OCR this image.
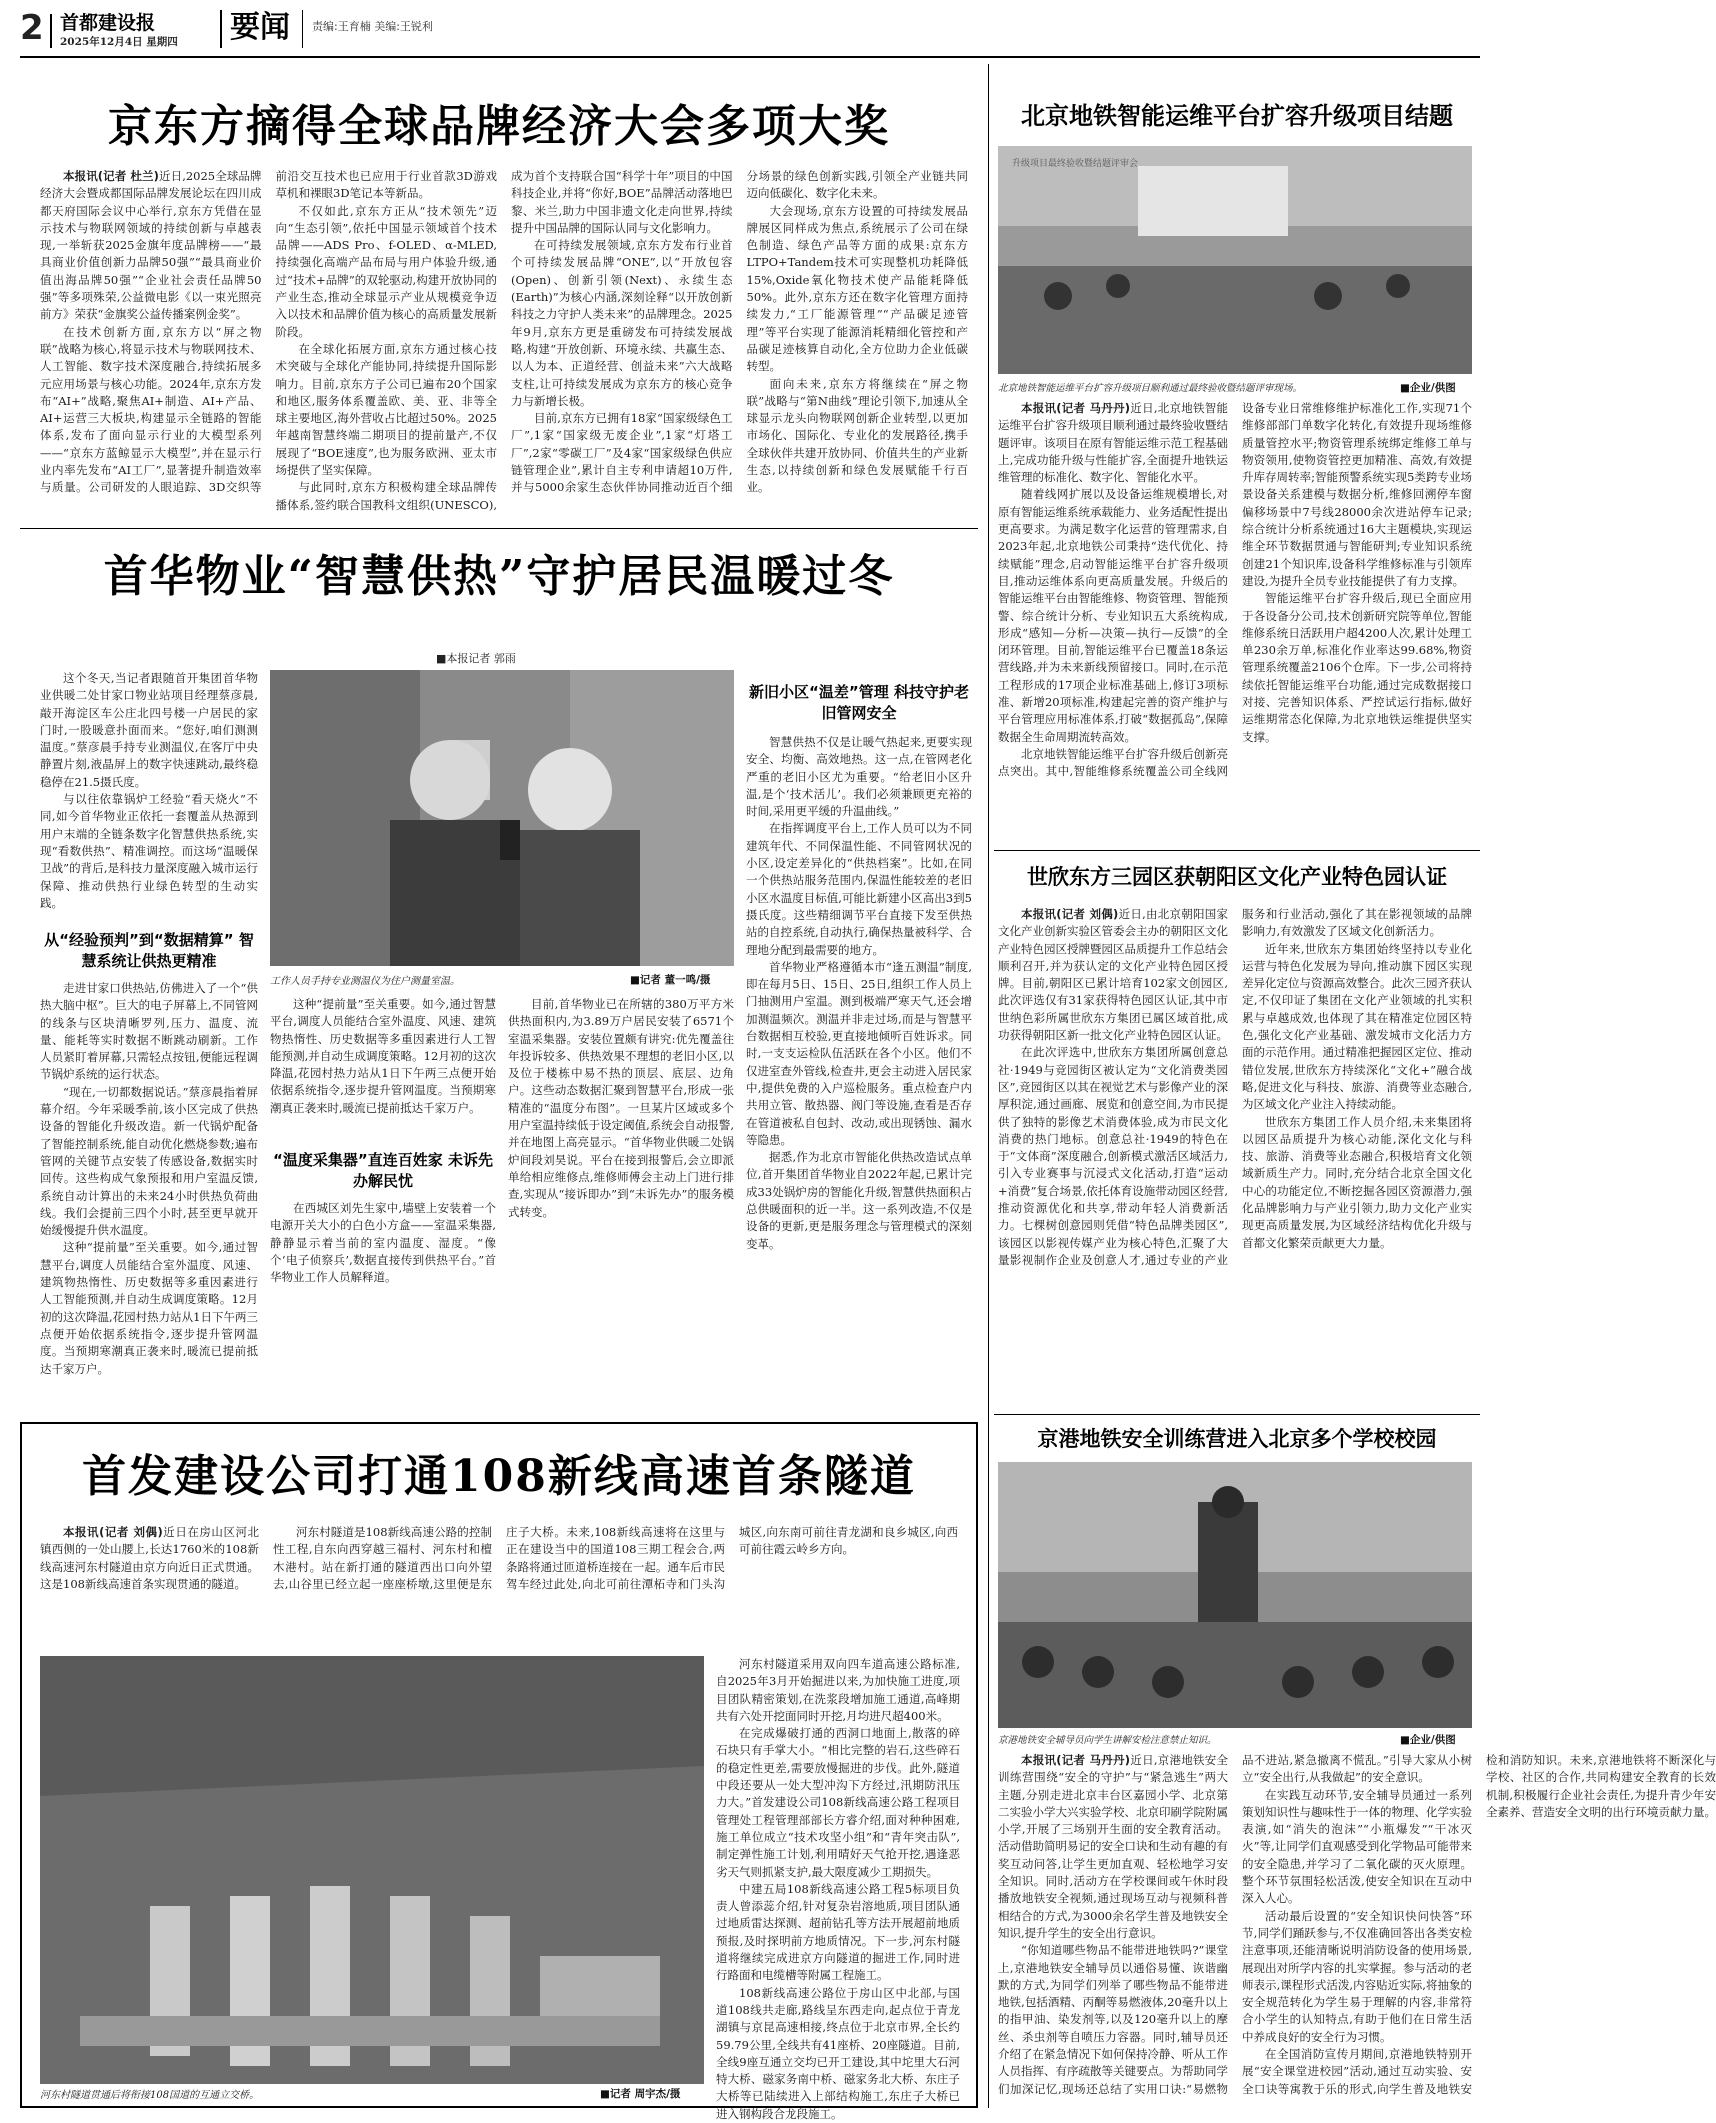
2 首都建设报
2025年12月4日 星期四 要闻 责编:王育楠 美编:王锐利
京东方摘得全球品牌经济大会多项大奖

本报讯(记者 杜兰)近日,2025全球品牌经济大会暨成都国际品牌发展论坛在四川成都天府国际会议中心举行,京东方凭借在显示技术与物联网领域的持续创新与卓越表现,一举斩获2025金旗年度品牌榜——“最具商业价值创新力品牌50强”“最具商业价值出海品牌50强”“企业社会责任品牌50强”等多项殊荣,公益微电影《以一束光照亮前方》荣获“金旗奖公益传播案例金奖”。

在技术创新方面,京东方以“屏之物联”战略为核心,将显示技术与物联网技术、人工智能、数字技术深度融合,持续拓展多元应用场景与核心功能。2024年,京东方发布“AI+”战略,聚焦AI+制造、AI+产品、AI+运营三大板块,构建显示全链路的智能体系,发布了面向显示行业的大模型系列——“京东方蓝鲸显示大模型”,并在显示行业内率先发布“AI工厂”,显著提升制造效率与质量。公司研发的人眼追踪、3D交织等前沿交互技术也已应用于行业首款3D游戏草机和裸眼3D笔记本等新品。

不仅如此,京东方正从“技术领先”迈向“生态引领”,依托中国显示领域首个技术品牌——ADS Pro、f-OLED、α-MLED,持续强化高端产品布局与用户体验升级,通过“技术+品牌”的双轮驱动,构建开放协同的产业生态,推动全球显示产业从规模竞争迈入以技术和品牌价值为核心的高质量发展新阶段。

在全球化拓展方面,京东方通过核心技术突破与全球化产能协同,持续提升国际影响力。目前,京东方子公司已遍布20个国家和地区,服务体系覆盖欧、美、亚、非等全球主要地区,海外营收占比超过50%。2025年越南智慧终端二期项目的提前量产,不仅展现了“BOE速度”,也为服务欧洲、亚太市场提供了坚实保障。

与此同时,京东方积极构建全球品牌传播体系,签约联合国教科文组织(UNESCO),成为首个支持联合国“科学十年”项目的中国科技企业,并将“你好,BOE”品牌活动落地巴黎、米兰,助力中国非遗文化走向世界,持续提升中国品牌的国际认同与文化影响力。

在可持续发展领域,京东方发布行业首个可持续发展品牌“ONE”,以“开放包容(Open)、创新引领(Next)、永续生态(Earth)”为核心内涵,深刻诠释“以开放创新科技之力守护人类未来”的品牌理念。2025年9月,京东方更是重磅发布可持续发展战略,构建“开放创新、环境永续、共赢生态、以人为本、正道经营、创益未来”六大战略支柱,让可持续发展成为京东方的核心竞争力与新增长极。

目前,京东方已拥有18家“国家级绿色工厂”,1家“国家级无废企业”,1家“灯塔工厂”,2家“零碳工厂”及4家“国家级绿色供应链管理企业”,累计自主专利申请超10万件,并与5000余家生态伙伴协同推动近百个细分场景的绿色创新实践,引领全产业链共同迈向低碳化、数字化未来。

大会现场,京东方设置的可持续发展品牌展区同样成为焦点,系统展示了公司在绿色制造、绿色产品等方面的成果:京东方LTPO+Tandem技术可实现整机功耗降低15%,Oxide氧化物技术使产品能耗降低50%。此外,京东方还在数字化管理方面持续发力,“工厂能源管理”“产品碳足迹管理”等平台实现了能源消耗精细化管控和产品碳足迹核算自动化,全方位助力企业低碳转型。

面向未来,京东方将继续在“屏之物联”战略与“第N曲线”理论引领下,加速从全球显示龙头向物联网创新企业转型,以更加市场化、国际化、专业化的发展路径,携手全球伙伴共建开放协同、价值共生的产业新生态,以持续创新和绿色发展赋能千行百业。

首华物业“智慧供热”守护居民温暖过冬
■本报记者 郭雨

这个冬天,当记者跟随首开集团首华物业供暖二处甘家口物业站项目经理蔡彦晨,敲开海淀区车公庄北四号楼一户居民的家门时,一股暖意扑面而来。“您好,咱们测测温度。”蔡彦晨手持专业测温仪,在客厅中央静置片刻,液晶屏上的数字快速跳动,最终稳稳停在21.5摄氏度。

与以往依靠锅炉工经验“看天烧火”不同,如今首华物业正依托一套覆盖从热源到用户末端的全链条数字化智慧供热系统,实现“看数供热”、精准调控。而这场“温暖保卫战”的背后,是科技力量深度融入城市运行保障、推动供热行业绿色转型的生动实践。

从“经验预判”到“数据精算” 智慧系统让供热更精准

走进甘家口供热站,仿佛进入了一个“供热大脑中枢”。巨大的电子屏幕上,不同管网的线条与区块清晰罗列,压力、温度、流量、能耗等实时数据不断跳动刷新。工作人员紧盯着屏幕,只需轻点按钮,便能远程调节锅炉系统的运行状态。

“现在,一切都数据说话。”蔡彦晨指着屏幕介绍。今年采暖季前,该小区完成了供热设备的智能化升级改造。新一代锅炉配备了智能控制系统,能自动优化燃烧参数;遍布管网的关键节点安装了传感设备,数据实时回传。这些构成气象预报和用户室温反馈,系统自动计算出的未来24小时供热负荷曲线。我们会提前三四个小时,甚至更早就开始缓慢提升供水温度。

这种“提前量”至关重要。如今,通过智慧平台,调度人员能结合室外温度、风速、建筑物热惰性、历史数据等多重因素进行人工智能预测,并自动生成调度策略。12月初的这次降温,花园村热力站从1日下午两三点便开始依据系统指令,逐步提升管网温度。当预期寒潮真正袭来时,暖流已提前抵达千家万户。

工作人员手持专业测温仪为住户测量室温。	■记者 董一鸣/摄

这种“提前量”至关重要。如今,通过智慧平台,调度人员能结合室外温度、风速、建筑物热惰性、历史数据等多重因素进行人工智能预测,并自动生成调度策略。12月初的这次降温,花园村热力站从1日下午两三点便开始依据系统指令,逐步提升管网温度。当预期寒潮真正袭来时,暖流已提前抵达千家万户。

“温度采集器”直连百姓家 未诉先办解民忧

在西城区刘先生家中,墙壁上安装着一个电源开关大小的白色小方盒——室温采集器,静静显示着当前的室内温度、湿度。“像个‘电子侦察兵’,数据直接传到供热平台。”首华物业工作人员解释道。

目前,首华物业已在所辖的380万平方米供热面积内,为3.89万户居民安装了6571个室温采集器。安装位置颇有讲究:优先覆盖往年投诉较多、供热效果不理想的老旧小区,以及位于楼栋中易不热的顶层、底层、边角户。这些动态数据汇聚到智慧平台,形成一张精准的“温度分布图”。一旦某片区域或多个用户室温持续低于设定阈值,系统会自动报警,并在地图上高亮显示。“首华物业供暖二处锅炉间段刘昊说。平台在接到报警后,会立即派单给相应维修点,维修师傅会主动上门进行排查,实现从“接诉即办”到“未诉先办”的服务模式转变。

新旧小区“温差”管理 科技守护老旧管网安全

智慧供热不仅是让暖气热起来,更要实现安全、均衡、高效地热。这一点,在管网老化严重的老旧小区尤为重要。“给老旧小区升温,是个‘技术活儿’。我们必须兼顾更充裕的时间,采用更平缓的升温曲线。”

在指挥调度平台上,工作人员可以为不同建筑年代、不同保温性能、不同管网状况的小区,设定差异化的“供热档案”。比如,在同一个供热站服务范围内,保温性能较差的老旧小区水温度目标值,可能比新建小区高出3到5摄氏度。这些精细调节平台直接下发至供热站的自控系统,自动执行,确保热量被科学、合理地分配到最需要的地方。

首华物业严格遵循本市“逢五测温”制度,即在每月5日、15日、25日,组织工作人员上门抽测用户室温。测到极端严寒天气,还会增加测温频次。测温并非走过场,而是与智慧平台数据相互校验,更直接地倾听百姓诉求。同时,一支支运检队伍活跃在各个小区。他们不仅进室查外管线,检查井,更会主动进入居民家中,提供免费的入户巡检服务。重点检查户内共用立管、散热器、阀门等设施,查看是否存在管道被私自包封、改动,或出现锈蚀、漏水等隐患。

据悉,作为北京市智能化供热改造试点单位,首开集团首华物业自2022年起,已累计完成33处锅炉房的智能化升级,智慧供热面积占总供暖面积的近一半。这一系列改造,不仅是设备的更新,更是服务理念与管理模式的深刻变革。

首发建设公司打通108新线高速首条隧道

本报讯(记者 刘偶)近日在房山区河北镇西侧的一处山腰上,长达1760米的108新线高速河东村隧道由京方向近日正式贯通。这是108新线高速首条实现贯通的隧道。

河东村隧道是108新线高速公路的控制性工程,自东向西穿越三福村、河东村和檀木港村。站在新打通的隧道西出口向外望去,山谷里已经立起一座座桥墩,这里便是东庄子大桥。未来,108新线高速将在这里与正在建设当中的国道108三期工程会合,两条路将通过匝道桥连接在一起。通车后市民驾车经过此处,向北可前往潭柘寺和门头沟城区,向东南可前往青龙湖和良乡城区,向西可前往霞云岭乡方向。

河东村隧道贯通后将衔接108国道的互通立交桥。	■记者 周宇杰/摄

河东村隧道采用双向四车道高速公路标准,自2025年3月开始掘进以来,为加快施工进度,项目团队精密策划,在洗浆段增加施工通道,高峰期共有六处开挖面同时开挖,月均进尺超400米。

在完成爆破打通的西洞口地面上,散落的碎石块只有手掌大小。“相比完整的岩石,这些碎石的稳定性更差,需要放慢掘进的步伐。此外,隧道中段还要从一处大型冲沟下方经过,汛期防汛压力大。”首发建设公司108新线高速公路工程项目管理处工程管理部部长方睿介绍,面对种种困难,施工单位成立“技术攻坚小组”和“青年突击队”,制定弹性施工计划,利用晴好天气抢开挖,遇逢恶劣天气则抓紧支护,最大限度减少工期损失。

中建五局108新线高速公路工程5标项目负责人曾添蕊介绍,针对复杂岩溶地质,项目团队通过地质雷达探测、超前钻孔等方法开展超前地质预报,及时探明前方地质情况。下一步,河东村隧道将继续完成进京方向隧道的掘进工作,同时进行路面和电缆槽等附属工程施工。

108新线高速公路位于房山区中北部,与国道108线共走廊,路线呈东西走向,起点位于青龙湖镇与京昆高速相接,终点位于北京市界,全长约59.79公里,全线共有41座桥、20座隧道。目前,全线9座互通立交均已开工建设,其中坨里大石河特大桥、磁家务南中桥、磁家务北大桥、东庄子大桥等已陆续进入上部结构施工,东庄子大桥已进入钢构段合龙段施工。

北京地铁智能运维平台扩容升级项目结题
升级项目最终验收暨结题评审会
北京地铁智能运维平台扩容升级项目顺利通过最终验收暨结题评审现场。	■企业/供图

本报讯(记者 马丹丹)近日,北京地铁智能运维平台扩容升级项目顺利通过最终验收暨结题评审。该项目在原有智能运维示范工程基础上,完成功能升级与性能扩容,全面提升地铁运维管理的标准化、数字化、智能化水平。

随着线网扩展以及设备运维规模增长,对原有智能运维系统承载能力、业务适配性提出更高要求。为满足数字化运营的管理需求,自2023年起,北京地铁公司秉持“迭代优化、持续赋能”理念,启动智能运维平台扩容升级项目,推动运维体系向更高质量发展。升级后的智能运维平台由智能维修、物资管理、智能预警、综合统计分析、专业知识五大系统构成,形成“感知—分析—决策—执行—反馈”的全闭环管理。目前,智能运维平台已覆盖18条运营线路,并为未来新线预留接口。同时,在示范工程形成的17项企业标准基础上,修订3项标准、新增20项标准,构建起完善的资产维护与平台管理应用标准体系,打破“数据孤岛”,保障数据全生命周期流转高效。

北京地铁智能运维平台扩容升级后创新亮点突出。其中,智能维修系统覆盖公司全线网设备专业日常维修维护标准化工作,实现71个维修部部门单数字化转化,有效提升现场维修质量管控水平;物资管理系统绑定维修工单与物资领用,使物资管控更加精准、高效,有效提升库存周转率;智能预警系统实现5类跨专业场景设备关系建模与数据分析,维修回溯停车窗偏移场景中7号线28000余次进站停车记录;综合统计分析系统通过16大主题模块,实现运维全环节数据贯通与智能研判;专业知识系统创建21个知识库,设备科学维修标准与引领库建设,为提升全员专业技能提供了有力支撑。

智能运维平台扩容升级后,现已全面应用于各设备分公司,技术创新研究院等单位,智能维修系统日活跃用户超4200人次,累计处理工单230余万单,标准化作业率达99.68%,物资管理系统覆盖2106个仓库。下一步,公司将持续依托智能运维平台功能,通过完成数据接口对接、完善知识体系、严控试运行指标,做好运维期常态化保障,为北京地铁运维提供坚实支撑。

世欣东方三园区获朝阳区文化产业特色园认证

本报讯(记者 刘偶)近日,由北京朝阳国家文化产业创新实验区管委会主办的朝阳区文化产业特色园区授牌暨园区品质提升工作总结会顺利召开,并为获认定的文化产业特色园区授牌。目前,朝阳区已累计培育102家文创园区,此次评选仅有31家获得特色园区认证,其中市世纳色彩所属世欣东方集团已属区域首批,成功获得朝阳区新一批文化产业特色园区认证。

在此次评选中,世欣东方集团所属创意总社·1949与竞园街区被认定为“文化消费类园区”,竞园街区以其在视觉艺术与影像产业的深厚积淀,通过画廊、展览和创意空间,为市民提供了独特的影像艺术消费体验,成为市民文化消费的热门地标。创意总社·1949的特色在于“文体商”深度融合,创新模式激活区域活力,引入专业赛事与沉浸式文化活动,打造“运动+消费”复合场景,依托体育设施带动园区经营,推动资源优化和共享,带动年轻人消费新活力。七棵树创意园则凭借“特色品牌类园区”,该园区以影视传媒产业为核心特色,汇聚了大量影视制作企业及创意人才,通过专业的产业服务和行业活动,强化了其在影视领域的品牌影响力,有效激发了区域文化创新活力。

近年来,世欣东方集团始终坚持以专业化运营与特色化发展为导向,推动旗下园区实现差异化定位与资源高效整合。此次三园齐获认定,不仅印证了集团在文化产业领域的扎实积累与卓越成效,也体现了其在精准定位园区特色,强化文化产业基础、激发城市文化活力方面的示范作用。通过精准把握园区定位、推动错位发展,世欣东方持续深化“文化+”融合战略,促进文化与科技、旅游、消费等业态融合,为区域文化产业注入持续动能。

世欣东方集团工作人员介绍,未来集团将以园区品质提升为核心动能,深化文化与科技、旅游、消费等业态融合,积极培育文化领域新质生产力。同时,充分结合北京全国文化中心的功能定位,不断挖掘各园区资源潜力,强化品牌影响力与产业引领力,助力文化产业实现更高质量发展,为区域经济结构优化升级与首都文化繁荣贡献更大力量。

京港地铁安全训练营进入北京多个学校校园
京港地铁安全辅导员向学生讲解安检注意禁止知识。	■企业/供图

本报讯(记者 马丹丹)近日,京港地铁安全训练营围绕“安全的守护”与“紧急逃生”两大主题,分别走进北京丰台区嘉园小学、北京第二实验小学大兴实验学校、北京印刷学院附属小学,开展了三场别开生面的安全教育活动。活动借助简明易记的安全口诀和生动有趣的有奖互动问答,让学生更加直观、轻松地学习安全知识。同时,活动方在学校课间或午休时段播放地铁安全视频,通过现场互动与视频科普相结合的方式,为3000余名学生普及地铁安全知识,提升学生的安全出行意识。

“你知道哪些物品不能带进地铁吗?”课堂上,京港地铁安全辅导员以通俗易懂、诙谐幽默的方式,为同学们列举了哪些物品不能带进地铁,包括酒精、丙酮等易燃液体,20毫升以上的指甲油、染发剂等,以及120毫升以上的摩丝、杀虫剂等自喷压力容器。同时,辅导员还介绍了在紧急情况下如何保持冷静、听从工作人员指挥、有序疏散等关键要点。为帮助同学们加深记忆,现场还总结了实用口诀:“易燃物品不进站,紧急撤离不慌乱。”引导大家从小树立“安全出行,从我做起”的安全意识。

在实践互动环节,安全辅导员通过一系列策划知识性与趣味性于一体的物理、化学实验表演,如“消失的泡沫”“小瓶爆发”“干冰灭火”等,让同学们直观感受到化学物品可能带来的安全隐患,并学习了二氧化碳的灭火原理。整个环节氛围轻松活泼,使安全知识在互动中深入人心。

活动最后设置的“安全知识快问快答”环节,同学们踊跃参与,不仅准确回答出各类安检注意事项,还能清晰说明消防设备的使用场景,展现出对所学内容的扎实掌握。参与活动的老师表示,课程形式活泼,内容贴近实际,将抽象的安全规范转化为学生易于理解的内容,非常符合小学生的认知特点,有助于他们在日常生活中养成良好的安全行为习惯。

在全国消防宣传月期间,京港地铁特别开展“安全课堂进校园”活动,通过互动实验、安全口诀等寓教于乐的形式,向学生普及地铁安检和消防知识。未来,京港地铁将不断深化与学校、社区的合作,共同构建安全教育的长效机制,积极履行企业社会责任,为提升青少年安全素养、营造安全文明的出行环境贡献力量。
